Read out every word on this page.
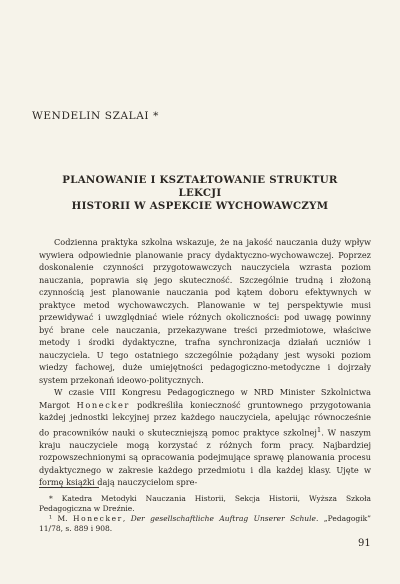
WENDELIN SZALAI *
PLANOWANIE I KSZTAŁTOWANIE STRUKTUR LEKCJI
HISTORII W ASPEKCIE WYCHOWAWCZYM

Codzienna praktyka szkolna wskazuje, że na jakość nauczania duży wpływ wywiera odpowiednie planowanie pracy dydaktyczno-wychowawczej. Poprzez doskonalenie czynności przygotowawczych nauczyciela wzrasta poziom nauczania, poprawia się jego skuteczność. Szczególnie trudną i złożoną czynnością jest planowanie nauczania pod kątem doboru efektywnych w praktyce metod wychowawczych. Planowanie w tej perspektywie musi przewidywać i uwzględniać wiele różnych okoliczności: pod uwagę powinny być brane cele nauczania, przekazywane treści przedmiotowe, właściwe metody i środki dydaktyczne, trafna synchronizacja działań uczniów i nauczyciela. U tego ostatniego szczególnie pożądany jest wysoki poziom wiedzy fachowej, duże umiejętności pedagogiczno-metodyczne i dojrzały system przekonań ideowo-politycznych.

W czasie VIII Kongresu Pedagogicznego w NRD Minister Szkolnictwa Margot Honecker podkreśliła konieczność gruntownego przygotowania każdej jednostki lekcyjnej przez każdego nauczyciela, apelując równocześnie do pracowników nauki o skuteczniejszą pomoc praktyce szkolnej$^1$. W naszym kraju nauczyciele mogą korzystać z różnych form pracy. Najbardziej rozpowszechnionymi są opracowania podejmujące sprawę planowania procesu dydaktycznego w zakresie każdego przedmiotu i dla każdej klasy. Ujęte w formę książki dają nauczycielom spre-

* Katedra Metodyki Nauczania Historii, Sekcja Historii, Wyższa Szkoła Pedagogiczna w Dreźnie.

¹ M. Honecker, Der gesellschaftliche Auftrag Unserer Schule. „Pedagogik” 11/78, s. 889 i 908.

91
